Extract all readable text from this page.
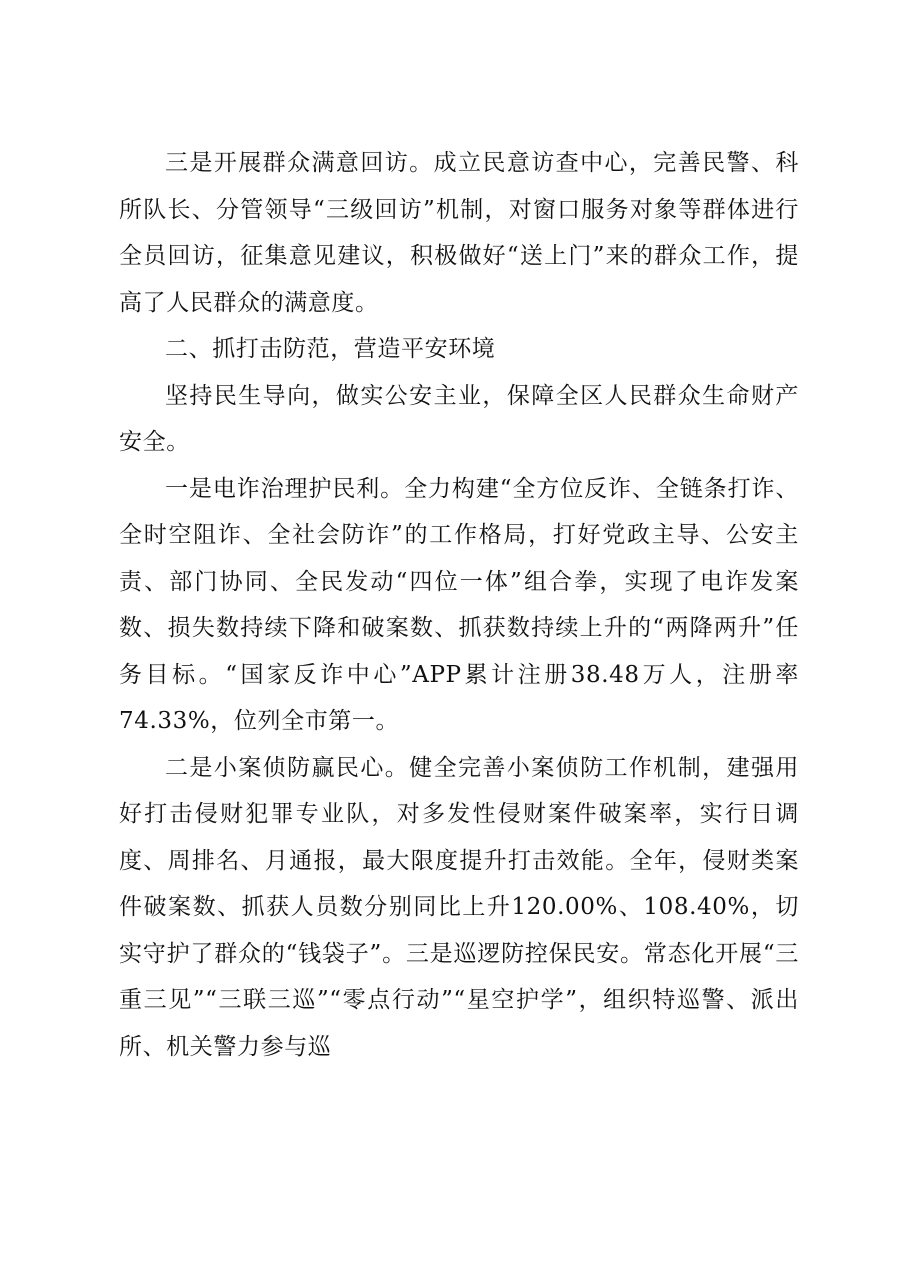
三是开展群众满意回访。成立民意访查中心，完善民警、科所队长、分管领导“三级回访”机制，对窗口服务对象等群体进行全员回访，征集意见建议，积极做好“送上门”来的群众工作，提高了人民群众的满意度。

二、抓打击防范，营造平安环境

坚持民生导向，做实公安主业，保障全区人民群众生命财产安全。

一是电诈治理护民利。全力构建“全方位反诈、全链条打诈、全时空阻诈、全社会防诈”的工作格局，打好党政主导、公安主责、部门协同、全民发动“四位一体”组合拳，实现了电诈发案数、损失数持续下降和破案数、抓获数持续上升的“两降两升”任务目标。“国家反诈中心”APP累计注册38.48万人，注册率74.33%，位列全市第一。

二是小案侦防赢民心。健全完善小案侦防工作机制，建强用好打击侵财犯罪专业队，对多发性侵财案件破案率，实行日调度、周排名、月通报，最大限度提升打击效能。全年，侵财类案件破案数、抓获人员数分别同比上升120.00%、108.40%，切实守护了群众的“钱袋子”。三是巡逻防控保民安。常态化开展“三重三见”“三联三巡”“零点行动”“星空护学”，组织特巡警、派出所、机关警力参与巡
